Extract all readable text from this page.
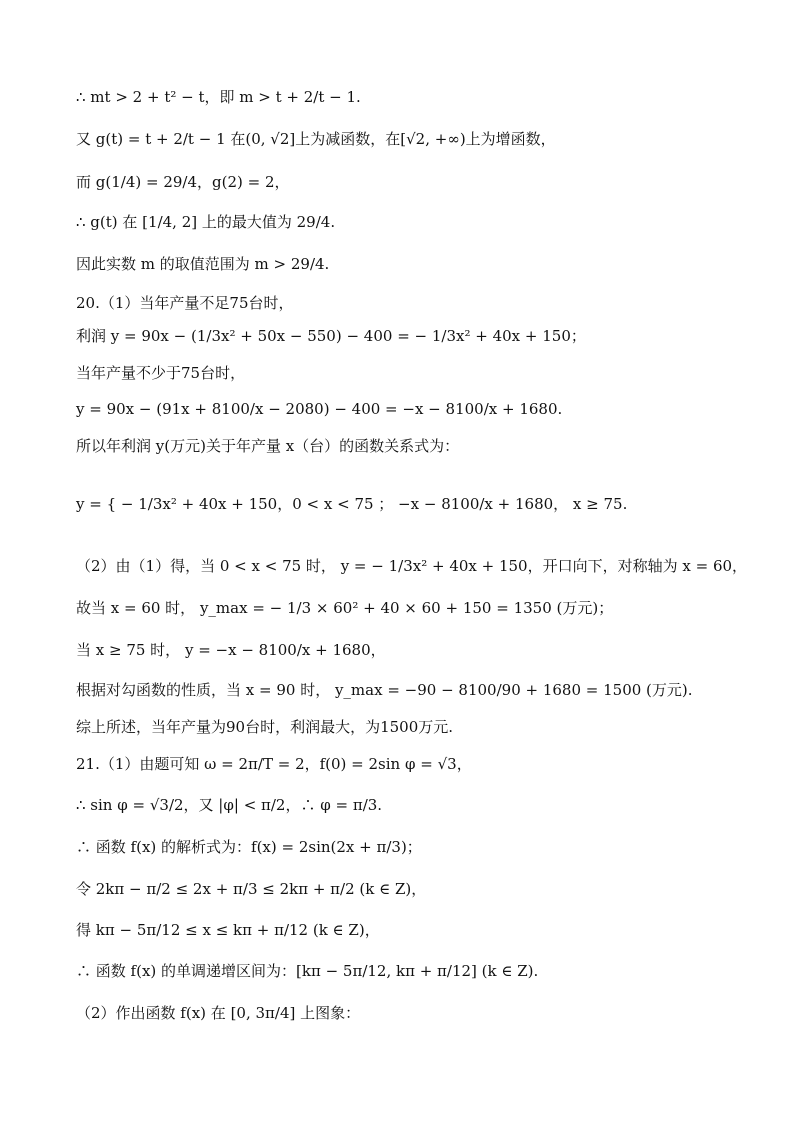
∴ mt > 2 + t² − t，即 m > t + 2/t − 1.
又 g(t) = t + 2/t − 1 在(0, √2]上为减函数，在[√2, +∞)上为增函数，
而 g(1/4) = 29/4，g(2) = 2，
∴ g(t) 在 [1/4, 2] 上的最大值为 29/4.
因此实数 m 的取值范围为 m > 29/4.
20.（1）当年产量不足75台时，
利润 y = 90x − (1/3x² + 50x − 550) − 400 = − 1/3x² + 40x + 150；
当年产量不少于75台时，
y = 90x − (91x + 8100/x − 2080) − 400 = −x − 8100/x + 1680.
所以年利润 y(万元)关于年产量 x（台）的函数关系式为：
y = { − 1/3x² + 40x + 150，0 < x < 75 ； −x − 8100/x + 1680， x ≥ 75.
（2）由（1）得，当 0 < x < 75 时， y = − 1/3x² + 40x + 150，开口向下，对称轴为 x = 60，
故当 x = 60 时， y_max = − 1/3 × 60² + 40 × 60 + 150 = 1350 (万元)；
当 x ≥ 75 时， y = −x − 8100/x + 1680，
根据对勾函数的性质，当 x = 90 时， y_max = −90 − 8100/90 + 1680 = 1500 (万元).
综上所述，当年产量为90台时，利润最大，为1500万元.
21.（1）由题可知 ω = 2π/T = 2，f(0) = 2sin φ = √3，
∴ sin φ = √3/2，又 |φ| < π/2，∴ φ = π/3.
∴ 函数 f(x) 的解析式为：f(x) = 2sin(2x + π/3)；
令 2kπ − π/2 ≤ 2x + π/3 ≤ 2kπ + π/2 (k ∈ Z)，
得 kπ − 5π/12 ≤ x ≤ kπ + π/12 (k ∈ Z)，
∴ 函数 f(x) 的单调递增区间为：[kπ − 5π/12, kπ + π/12] (k ∈ Z).
（2）作出函数 f(x) 在 [0, 3π/4] 上图象：
